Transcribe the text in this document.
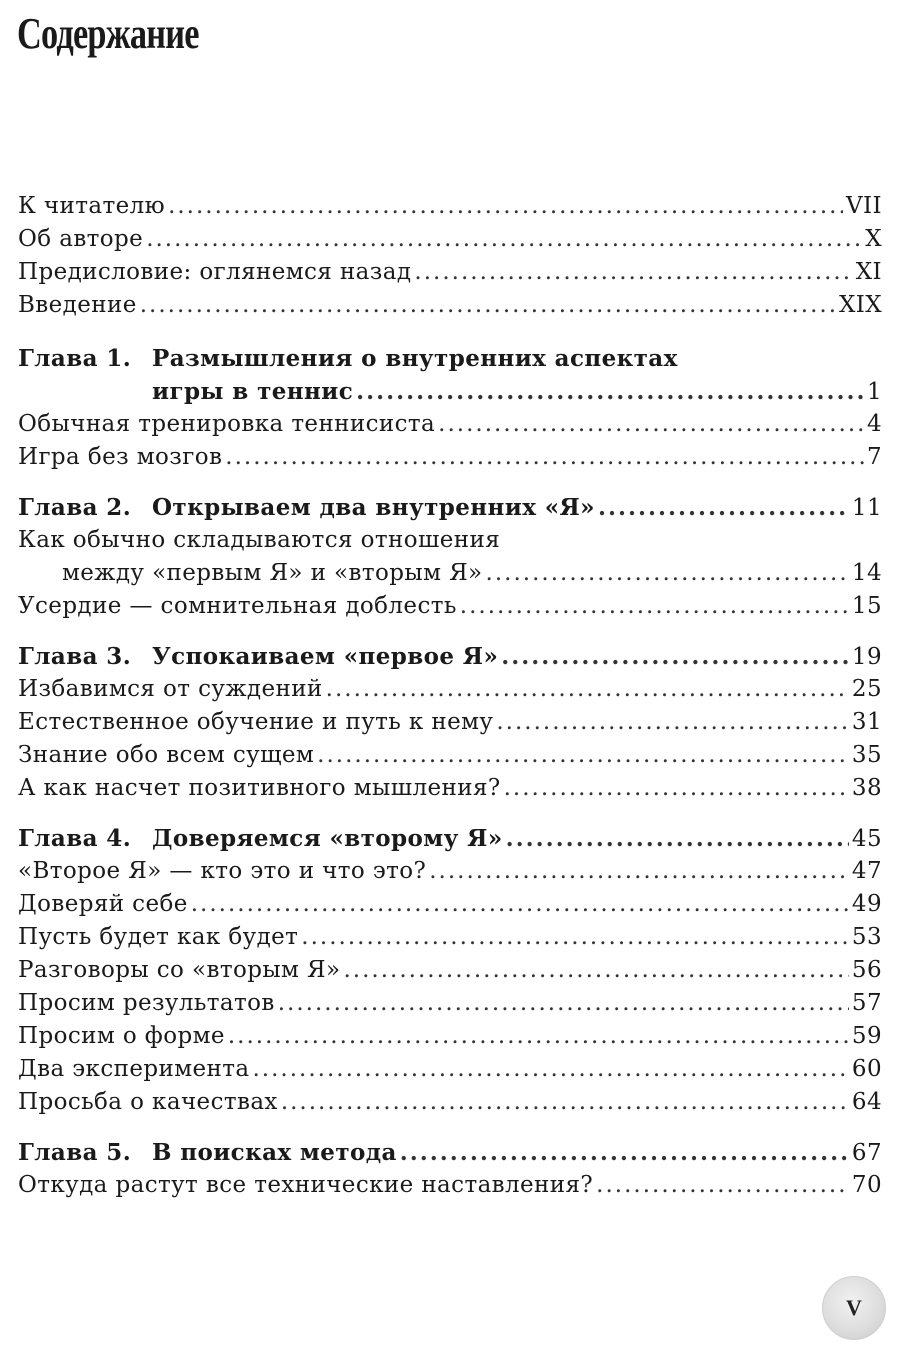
Содержание
К читателю .....	VII
Об авторе .....	X
Предисловие: оглянемся назад .....	XI
Введение .....	XIX
Глава 1. Размышления о внутренних аспектах
игры в теннис .....	1
Обычная тренировка теннисиста .....	4
Игра без мозгов .....	7
Глава 2. Открываем два внутренних «Я» .....	11
Как обычно складываются отношения
между «первым Я» и «вторым Я» .....	14
Усердие — сомнительная доблесть .....	15
Глава 3. Успокаиваем «первое Я» .....	19
Избавимся от суждений .....	25
Естественное обучение и путь к нему .....	31
Знание обо всем сущем .....	35
А как насчет позитивного мышления? .....	38
Глава 4. Доверяемся «второму Я» .....	45
«Второе Я» — кто это и что это? .....	47
Доверяй себе .....	49
Пусть будет как будет .....	53
Разговоры со «вторым Я» .....	56
Просим результатов .....	57
Просим о форме .....	59
Два эксперимента .....	60
Просьба о качествах .....	64
Глава 5. В поисках метода .....	67
Откуда растут все технические наставления? .....	70
V
